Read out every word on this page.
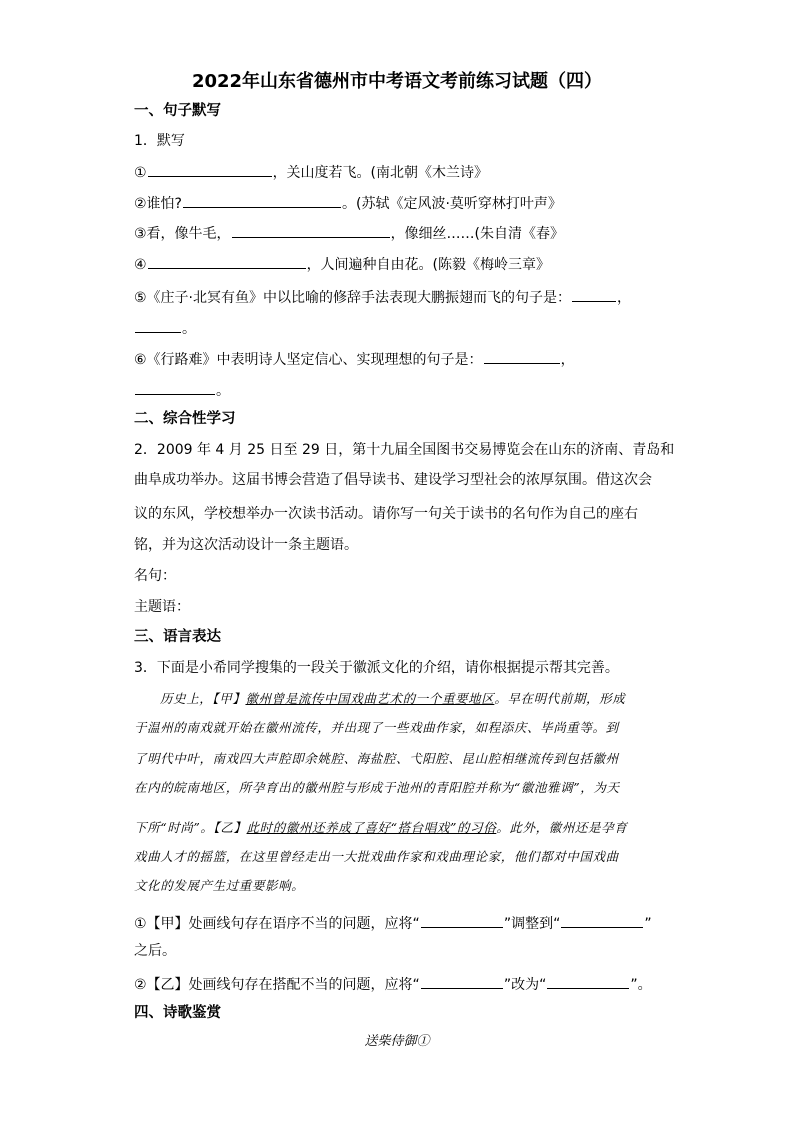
2022年山东省德州市中考语文考前练习试题（四）
一、句子默写
1．默写
①	，关山度若飞。(南北朝《木兰诗》
②谁怕?	。(苏轼《定风波·莫听穿林打叶声》
③看，像牛毛，	，像细丝……(朱自清《春》
④	，人间遍种自由花。(陈毅《梅岭三章》
⑤《庄子·北冥有鱼》中以比喻的修辞手法表现大鹏振翅而飞的句子是：	，
。
⑥《行路难》中表明诗人坚定信心、实现理想的句子是：	，
。
二、综合性学习
2．2009 年 4 月 25 日至 29 日，第十九届全国图书交易博览会在山东的济南、青岛和
曲阜成功举办。这届书博会营造了倡导读书、建设学习型社会的浓厚氛围。借这次会
议的东风，学校想举办一次读书活动。请你写一句关于读书的名句作为自己的座右
铭，并为这次活动设计一条主题语。
名句：
主题语：
三、语言表达
3．下面是小希同学搜集的一段关于徽派文化的介绍，请你根据提示帮其完善。
历史上，【甲】徽州曾是流传中国戏曲艺术的一个重要地区。早在明代前期，形成
于温州的南戏就开始在徽州流传，并出现了一些戏曲作家，如程添庆、毕尚重等。到
了明代中叶，南戏四大声腔即余姚腔、海盐腔、弋阳腔、昆山腔相继流传到包括徽州
在内的皖南地区，所孕育出的徽州腔与形成于池州的青阳腔并称为“徽池雅调”，为天
下所“时尚”。【乙】此时的徽州还养成了喜好“搭台唱戏”的习俗。此外，徽州还是孕育
戏曲人才的摇篮，在这里曾经走出一大批戏曲作家和戏曲理论家，他们都对中国戏曲
文化的发展产生过重要影响。
①【甲】处画线句存在语序不当的问题，应将“	”调整到“	”
之后。
②【乙】处画线句存在搭配不当的问题，应将“	”改为“	”。
四、诗歌鉴赏
送柴侍御①
